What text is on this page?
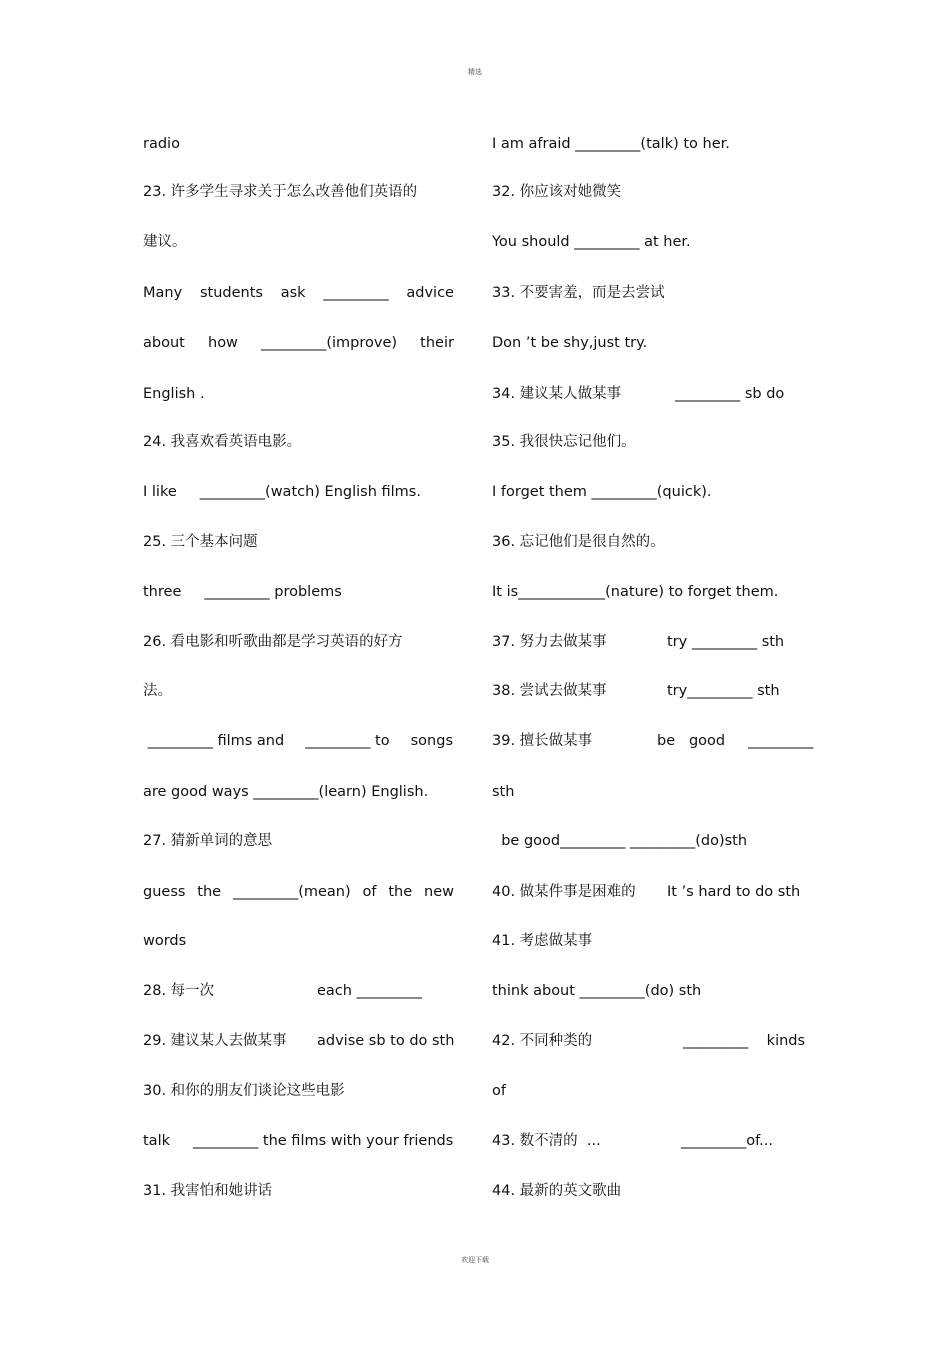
精选
radio
23. 许多学生寻求关于怎么改善他们英语的
建议。
Many students ask _________ advice
about how _________(improve) their
English .
24. 我喜欢看英语电影。
I like     _________(watch) English films.
25. 三个基本问题
three     _________ problems
26. 看电影和听歌曲都是学习英语的好方
法。
_________ films and _________ to songs
are good ways _________(learn) English.
27. 猜新单词的意思
guess the _________(mean) of the new
words
28. 每一次	each _________
29. 建议某人去做某事 advise sb to do sth
30. 和你的朋友们谈论这些电影
talk     _________ the films with your friends
31. 我害怕和她讲话
I am afraid _________(talk) to her.
32. 你应该对她微笑
You should _________ at her.
33. 不要害羞，而是去尝试
Don ’t be shy,just try.
34. 建议某人做某事	_________ sb do
35. 我很快忘记他们。
I forget them _________(quick).
36. 忘记他们是很自然的。
It is____________(nature) to forget them.
37. 努力去做某事	try _________ sth
38. 尝试去做某事	try_________ sth
39. 擅长做某事	be   good     _________
sth
be good_________ _________(do)sth
40. 做某件事是困难的 It ’s hard to do sth
41. 考虑做某事
think about _________(do) sth
42. 不同种类的	_________    kinds
of
43. 数不清的  ...	_________of...
44. 最新的英文歌曲
欢迎下载
